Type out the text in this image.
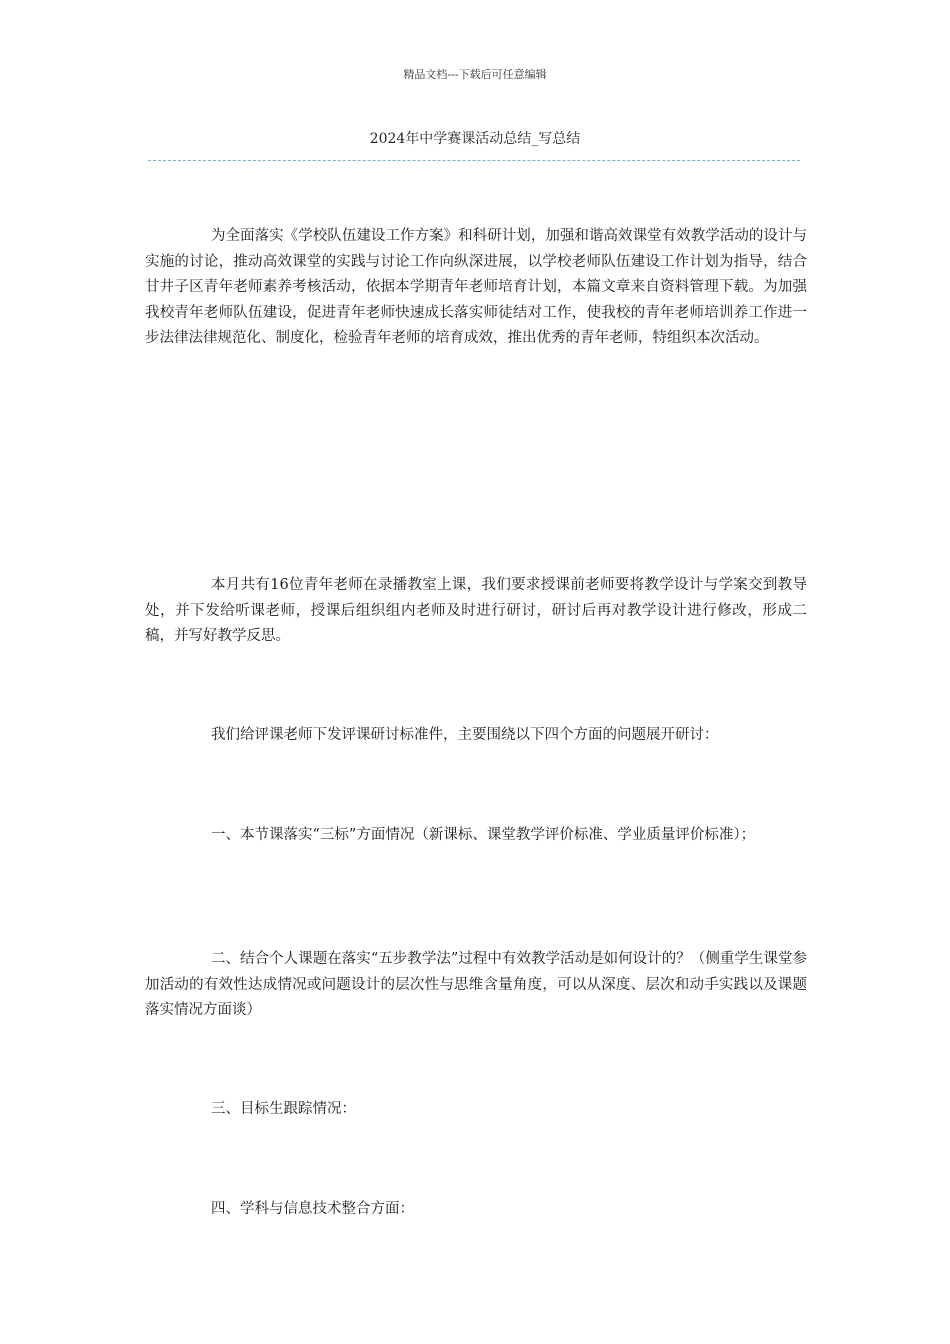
精品文档---下载后可任意编辑
2024年中学赛课活动总结_写总结

为全面落实《学校队伍建设工作方案》和科研计划，加强和谐高效课堂有效教学活动的设计与实施的讨论，推动高效课堂的实践与讨论工作向纵深进展，以学校老师队伍建设工作计划为指导，结合甘井子区青年老师素养考核活动，依据本学期青年老师培育计划，本篇文章来自资料管理下载。为加强我校青年老师队伍建设，促进青年老师快速成长落实师徒结对工作，使我校的青年老师培训养工作进一步法律法律规范化、制度化，检验青年老师的培育成效，推出优秀的青年老师，特组织本次活动。

本月共有16位青年老师在录播教室上课，我们要求授课前老师要将教学设计与学案交到教导处，并下发给听课老师，授课后组织组内老师及时进行研讨，研讨后再对教学设计进行修改，形成二稿，并写好教学反思。

我们给评课老师下发评课研讨标准件，主要围绕以下四个方面的问题展开研讨：

一、本节课落实“三标”方面情况（新课标、课堂教学评价标准、学业质量评价标准）；

二、结合个人课题在落实“五步教学法”过程中有效教学活动是如何设计的？（侧重学生课堂参加活动的有效性达成情况或问题设计的层次性与思维含量角度，可以从深度、层次和动手实践以及课题落实情况方面谈）

三、目标生跟踪情况：

四、学科与信息技术整合方面：
